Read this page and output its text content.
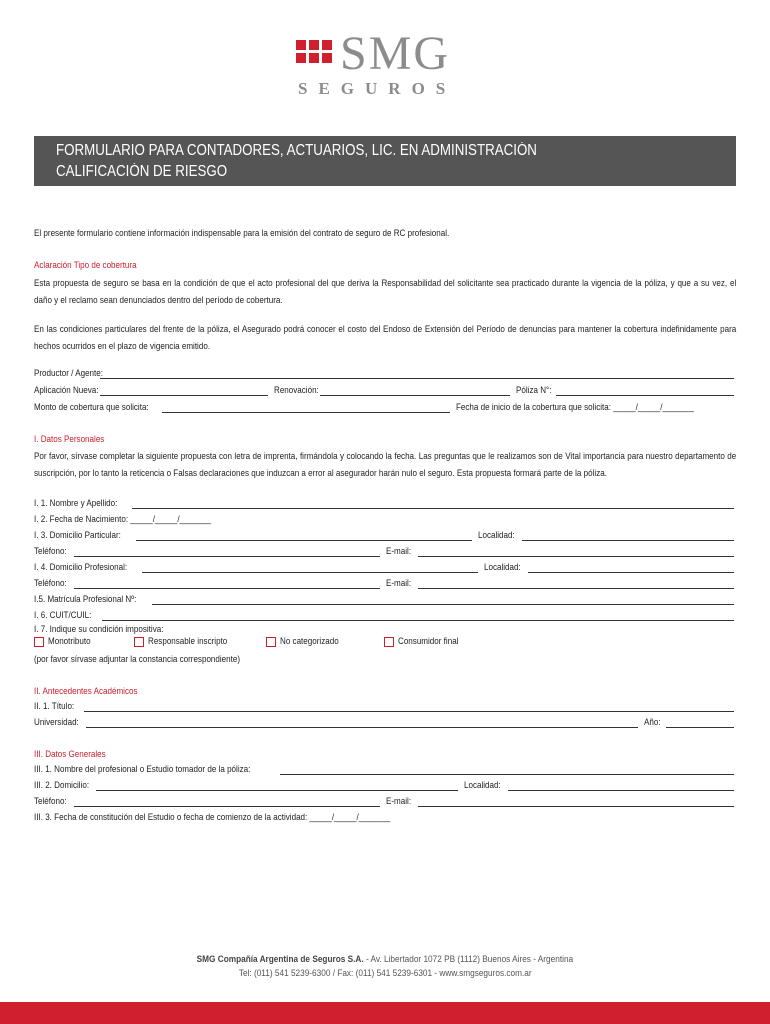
SMG
SEGUROS
FORMULARIO PARA CONTADORES, ACTUARIOS, LIC. EN ADMINISTRACIÓN
CALIFICACIÓN DE RIESGO
El presente formulario contiene información indispensable para la emisión del contrato de seguro de RC profesional.
Aclaración Tipo de cobertura
Esta propuesta de seguro se basa en la condición de que el acto profesional del que deriva la Responsabilidad del solicitante sea practicado durante la vigencia de la póliza, y que a su vez, el daño y el reclamo sean denunciados dentro del período de cobertura.
En las condiciones particulares del frente de la póliza, el Asegurado podrá conocer el costo del Endoso de Extensión del Período de denuncias para mantener la cobertura indefinidamente para hechos ocurridos en el plazo de vigencia emitido.
Productor / Agente:
Aplicación Nueva:	Renovación:	Póliza N°:
Monto de cobertura que solicita:	Fecha de inicio de la cobertura que solicita: _____/_____/_______
I. Datos Personales
Por favor, sírvase completar la siguiente propuesta con letra de imprenta, firmándola y colocando la fecha. Las preguntas que le realizamos son de Vital importancia para nuestro departamento de suscripción, por lo tanto la reticencia o Falsas declaraciones que induzcan a error al asegurador harán nulo el seguro. Esta propuesta formará parte de la póliza.
I. 1. Nombre y Apellido:
I. 2. Fecha de Nacimiento: _____/_____/_______
I. 3. Domicilio Particular:	Localidad:
Teléfono:	E-mail:
I. 4. Domicilio Profesional:	Localidad:
Teléfono:	E-mail:
I.5. Matrícula Profesional Nº:
I. 6. CUIT/CUIL:
I. 7. Indique su condición impositiva:
Monotributo	Responsable inscripto	No categorizado	Consumidor final
(por favor sírvase adjuntar la constancia correspondiente)
II. Antecedentes Académicos
II. 1. Título:
Universidad:	Año:
III. Datos Generales
III. 1. Nombre del profesional o Estudio tomador de la póliza:
III. 2. Domicilio:	Localidad:
Teléfono:	E-mail:
III. 3. Fecha de constitución del Estudio o fecha de comienzo de la actividad: _____/_____/_______
SMG Compañía Argentina de Seguros S.A. - Av. Libertador 1072 PB (1112) Buenos Aires - Argentina
Tel: (011) 541 5239-6300 / Fax: (011) 541 5239-6301 - www.smgseguros.com.ar
